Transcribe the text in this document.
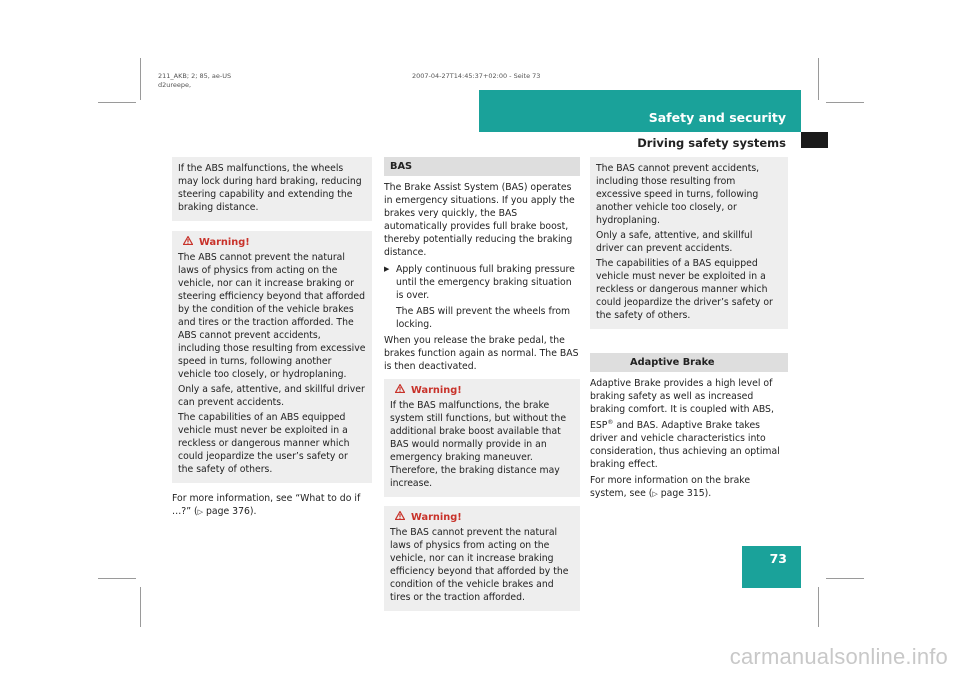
211_AKB; 2; 85, ae-US
d2ureepe,
2007-04-27T14:45:37+02:00 - Seite 73
Safety and security
Driving safety systems
73

If the ABS malfunctions, the wheels may lock during hard braking, reducing steering capability and extending the braking distance.

Warning!

The ABS cannot prevent the natural laws of physics from acting on the vehicle, nor can it increase braking or steering efficiency beyond that afforded by the condition of the vehicle brakes and tires or the traction afforded. The ABS cannot prevent accidents, including those resulting from excessive speed in turns, following another vehicle too closely, or hydroplaning.

Only a safe, attentive, and skillful driver can prevent accidents.

The capabilities of an ABS equipped vehicle must never be exploited in a reckless or dangerous manner which could jeopardize the user’s safety or the safety of others.

For more information, see “What to do if …?” (▷ page 376).

BAS

The Brake Assist System (BAS) operates in emergency situations. If you apply the brakes very quickly, the BAS automatically provides full brake boost, thereby potentially reducing the braking distance.

▶ Apply continuous full braking pressure until the emergency braking situation is over.

The ABS will prevent the wheels from locking.

When you release the brake pedal, the brakes function again as normal. The BAS is then deactivated.

Warning!

If the BAS malfunctions, the brake system still functions, but without the additional brake boost available that BAS would normally provide in an emergency braking maneuver. Therefore, the braking distance may increase.

Warning!

The BAS cannot prevent the natural laws of physics from acting on the vehicle, nor can it increase braking efficiency beyond that afforded by the condition of the vehicle brakes and tires or the traction afforded.

The BAS cannot prevent accidents, including those resulting from excessive speed in turns, following another vehicle too closely, or hydroplaning.

Only a safe, attentive, and skillful driver can prevent accidents.

The capabilities of a BAS equipped vehicle must never be exploited in a reckless or dangerous manner which could jeopardize the driver’s safety or the safety of others.

Adaptive Brake

Adaptive Brake provides a high level of braking safety as well as increased braking comfort. It is coupled with ABS, ESP® and BAS. Adaptive Brake takes driver and vehicle characteristics into consideration, thus achieving an optimal braking effect.

For more information on the brake system, see (▷ page 315).

carmanualsonline.info
